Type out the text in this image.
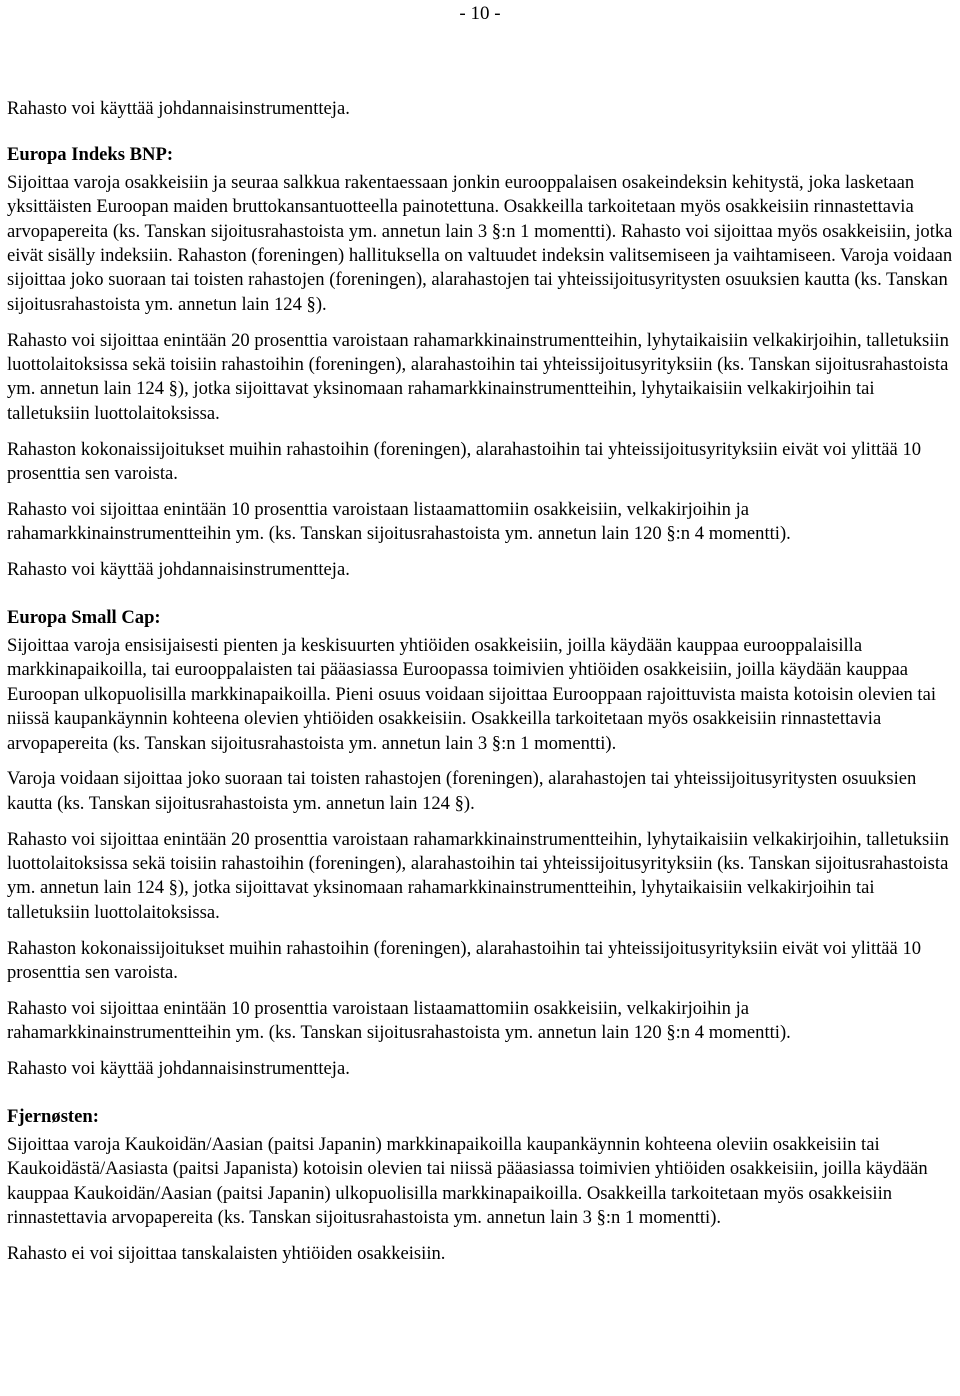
- 10 -

Rahasto voi käyttää johdannaisinstrumentteja.

Europa Indeks BNP:

Sijoittaa varoja osakkeisiin ja seuraa salkkua rakentaessaan jonkin eurooppalaisen osakeindeksin kehitystä, joka lasketaan yksittäisten Euroopan maiden bruttokansantuotteella painotettuna. Osakkeilla tarkoitetaan myös osakkeisiin rinnastettavia arvopapereita (ks. Tanskan sijoitusrahastoista ym. annetun lain 3 §:n 1 momentti). Rahasto voi sijoittaa myös osakkeisiin, jotka eivät sisälly indeksiin. Rahaston (foreningen) hallituksella on valtuudet indeksin valitsemiseen ja vaihtamiseen. Varoja voidaan sijoittaa joko suoraan tai toisten rahastojen (foreningen), alarahastojen tai yhteissijoitusyritysten osuuksien kautta (ks. Tanskan sijoitusrahastoista ym. annetun lain 124 §).

Rahasto voi sijoittaa enintään 20 prosenttia varoistaan rahamarkkinainstrumentteihin, lyhytaikaisiin velkakirjoihin, talletuksiin luottolaitoksissa sekä toisiin rahastoihin (foreningen), alarahastoihin tai yhteissijoitusyrityksiin (ks. Tanskan sijoitusrahastoista ym. annetun lain 124 §), jotka sijoittavat yksinomaan rahamarkkinainstrumentteihin, lyhytaikaisiin velkakirjoihin tai talletuksiin luottolaitoksissa.

Rahaston kokonaissijoitukset muihin rahastoihin (foreningen), alarahastoihin tai yhteissijoitusyrityksiin eivät voi ylittää 10 prosenttia sen varoista.

Rahasto voi sijoittaa enintään 10 prosenttia varoistaan listaamattomiin osakkeisiin, velkakirjoihin ja rahamarkkinainstrumentteihin ym. (ks. Tanskan sijoitusrahastoista ym. annetun lain 120 §:n 4 momentti).

Rahasto voi käyttää johdannaisinstrumentteja.

Europa Small Cap:

Sijoittaa varoja ensisijaisesti pienten ja keskisuurten yhtiöiden osakkeisiin, joilla käydään kauppaa eurooppalaisilla markkinapaikoilla, tai eurooppalaisten tai pääasiassa Euroopassa toimivien yhtiöiden osakkeisiin, joilla käydään kauppaa Euroopan ulkopuolisilla markkinapaikoilla. Pieni osuus voidaan sijoittaa Eurooppaan rajoittuvista maista kotoisin olevien tai niissä kaupankäynnin kohteena olevien yhtiöiden osakkeisiin. Osakkeilla tarkoitetaan myös osakkeisiin rinnastettavia arvopapereita (ks. Tanskan sijoitusrahastoista ym. annetun lain 3 §:n 1 momentti).

Varoja voidaan sijoittaa joko suoraan tai toisten rahastojen (foreningen), alarahastojen tai yhteissijoitusyritysten osuuksien kautta (ks. Tanskan sijoitusrahastoista ym. annetun lain 124 §).

Rahasto voi sijoittaa enintään 20 prosenttia varoistaan rahamarkkinainstrumentteihin, lyhytaikaisiin velkakirjoihin, talletuksiin luottolaitoksissa sekä toisiin rahastoihin (foreningen), alarahastoihin tai yhteissijoitusyrityksiin (ks. Tanskan sijoitusrahastoista ym. annetun lain 124 §), jotka sijoittavat yksinomaan rahamarkkinainstrumentteihin, lyhytaikaisiin velkakirjoihin tai talletuksiin luottolaitoksissa.

Rahaston kokonaissijoitukset muihin rahastoihin (foreningen), alarahastoihin tai yhteissijoitusyrityksiin eivät voi ylittää 10 prosenttia sen varoista.

Rahasto voi sijoittaa enintään 10 prosenttia varoistaan listaamattomiin osakkeisiin, velkakirjoihin ja rahamarkkinainstrumentteihin ym. (ks. Tanskan sijoitusrahastoista ym. annetun lain 120 §:n 4 momentti).

Rahasto voi käyttää johdannaisinstrumentteja.

Fjernøsten:

Sijoittaa varoja Kaukoidän/Aasian (paitsi Japanin) markkinapaikoilla kaupankäynnin kohteena oleviin osakkeisiin tai Kaukoidästä/Aasiasta (paitsi Japanista) kotoisin olevien tai niissä pääasiassa toimivien yhtiöiden osakkeisiin, joilla käydään kauppaa Kaukoidän/Aasian (paitsi Japanin) ulkopuolisilla markkinapaikoilla. Osakkeilla tarkoitetaan myös osakkeisiin rinnastettavia arvopapereita (ks. Tanskan sijoitusrahastoista ym. annetun lain 3 §:n 1 momentti).

Rahasto ei voi sijoittaa tanskalaisten yhtiöiden osakkeisiin.
